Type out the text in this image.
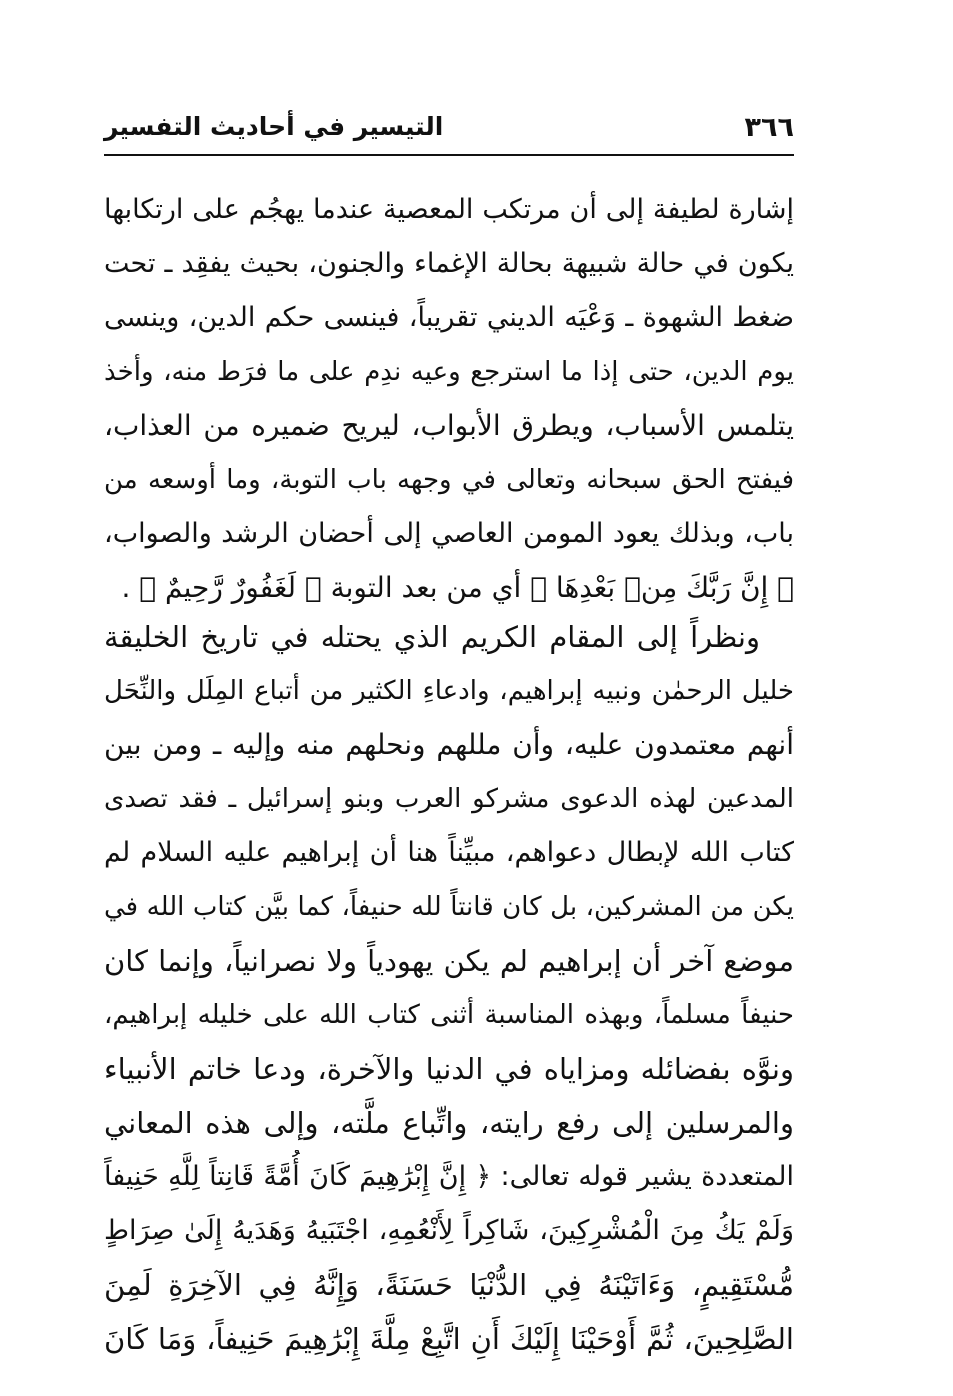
٣٦٦
التيسير في أحاديث التفسير
إشارة لطيفة إلى أن مرتكب المعصية عندما يهجُم على ارتكابها
يكون في حالة شبيهة بحالة الإغماء والجنون، بحيث يفقِد ـ تحت
ضغط الشهوة ـ وَعْيَه الديني تقريباً، فينسى حكم الدين، وينسى
يوم الدين، حتى إذا ما استرجع وعيه ندِم على ما فرَط منه، وأخذ
يتلمس الأسباب، ويطرق الأبواب، ليريح ضميره من العذاب،
فيفتح الحق سبحانه وتعالى في وجهه باب التوبة، وما أوسعه من
باب، وبذلك يعود المومن العاصي إلى أحضان الرشد والصواب،
﴿ إِنَّ رَبَّكَ مِنۢ بَعْدِهَا ﴾ أي من بعد التوبة ﴿ لَغَفُورٌ رَّحِيمٌ ﴾ .
ونظراً إلى المقام الكريم الذي يحتله في تاريخ الخليقة
خليل الرحمٰن ونبيه إبراهيم، وادعاءِ الكثير من أتباع المِلَل والنِّحَل
أنهم معتمدون عليه، وأن مللهم ونحلهم منه وإليه ـ ومن بين
المدعين لهذه الدعوى مشركو العرب وبنو إسرائيل ـ فقد تصدى
كتاب الله لإبطال دعواهم، مبيِّناً هنا أن إبراهيم عليه السلام لم
يكن من المشركين، بل كان قانتاً لله حنيفاً، كما بيَّن كتاب الله في
موضع آخر أن إبراهيم لم يكن يهودياً ولا نصرانياً، وإنما كان
حنيفاً مسلماً، وبهذه المناسبة أثنى كتاب الله على خليله إبراهيم،
ونوَّه بفضائله ومزاياه في الدنيا والآخرة، ودعا خاتم الأنبياء
والمرسلين إلى رفع رايته، واتِّباع ملَّته، وإلى هذه المعاني
المتعددة يشير قوله تعالى: ﴿ إِنَّ إِبْرَٰهِيمَ كَانَ أُمَّةً قَانِتاً لِلَّهِ حَنِيفاً
وَلَمْ يَكُ مِنَ الْمُشْرِكِينَ، شَاكِراً لِأَنْعُمِهِ، اجْتَبَيهُ وَهَدَيهُ إِلَىٰ صِرَاطٍ
مُّسْتَقِيمٍ، وَءَاتَيْنَهُ فِي الدُّنْيَا حَسَنَةً، وَإِنَّهُ فِي الآخِرَةِ لَمِنَ
الصَّلِحِينَ، ثُمَّ أَوْحَيْنَا إِلَيْكَ أَنِ اتَّبِعْ مِلَّةَ إِبْرَٰهِيمَ حَنِيفاً، وَمَا كَانَ
